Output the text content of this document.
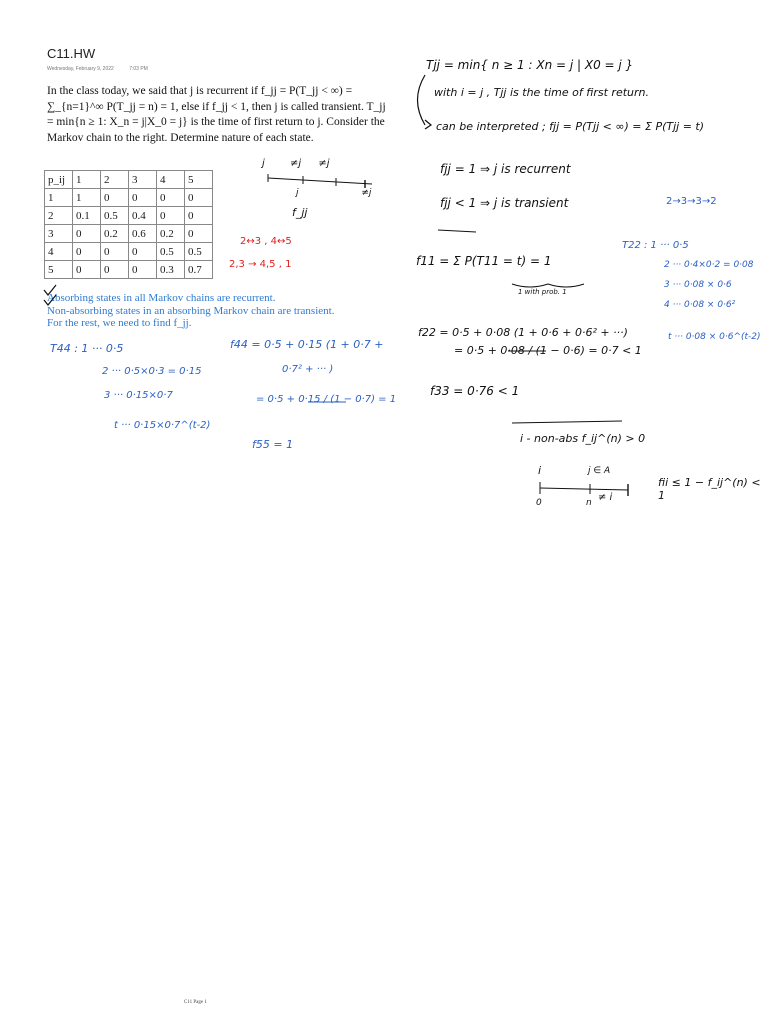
C11.HW
Wednesday, February 9, 2022	7:03 PM
In the class today, we said that j is recurrent if f_jj = P(T_jj < ∞) = ∑_{n=1}^∞ P(T_jj = n) = 1, else if f_jj < 1, then j is called transient. T_jj = min{n ≥ 1: X_n = j|X_0 = j} is the time of first return to j. Consider the Markov chain to the right. Determine nature of each state.
p_ij	1	2	3	4	5
1	1	0	0	0	0
2	0.1	0.5	0.4	0	0
3	0	0.2	0.6	0.2	0
4	0	0	0	0.5	0.5
5	0	0	0	0.3	0.7
Absorbing states in all Markov chains are recurrent.
Non-absorbing states in an absorbing Markov chain are transient.
For the rest, we need to find f_jj.
j	≠j ≠j
j	≠j
f_jj
2↔3 , 4↔5
2,3 → 4,5 , 1
T44 : 1 ··· 0·5
2 ··· 0·5×0·3 = 0·15
3 ··· 0·15×0·7
t ··· 0·15×0·7^(t-2)
f44 = 0·5 + 0·15 (1 + 0·7 +
0·7² + ··· )
= 0·5 + 0·15 / (1 − 0·7) = 1
f55 = 1
Tjj = min{ n ≥ 1 : Xn = j | X0 = j }
with i = j , Tjj is the time of first return.
can be interpreted ; fjj = P(Tjj < ∞) = Σ P(Tjj = t)
fjj = 1 ⇒ j is recurrent
fjj < 1 ⇒ j is transient	2→3→3→2
f11 = Σ P(T11 = t) = 1
1 with prob. 1
T22 : 1 ··· 0·5
2 ··· 0·4×0·2 = 0·08
3 ··· 0·08 × 0·6
4 ··· 0·08 × 0·6²
t ··· 0·08 × 0·6^(t-2)
f22 = 0·5 + 0·08 (1 + 0·6 + 0·6² + ···)
= 0·5 + 0·08 / (1 − 0·6) = 0·7 < 1
f33 = 0·76 < 1
i - non-abs f_ij^(n) > 0
j ∈ A
i
≠ i
0	n
fii ≤ 1 − f_ij^(n) < 1
C11 Page 1
